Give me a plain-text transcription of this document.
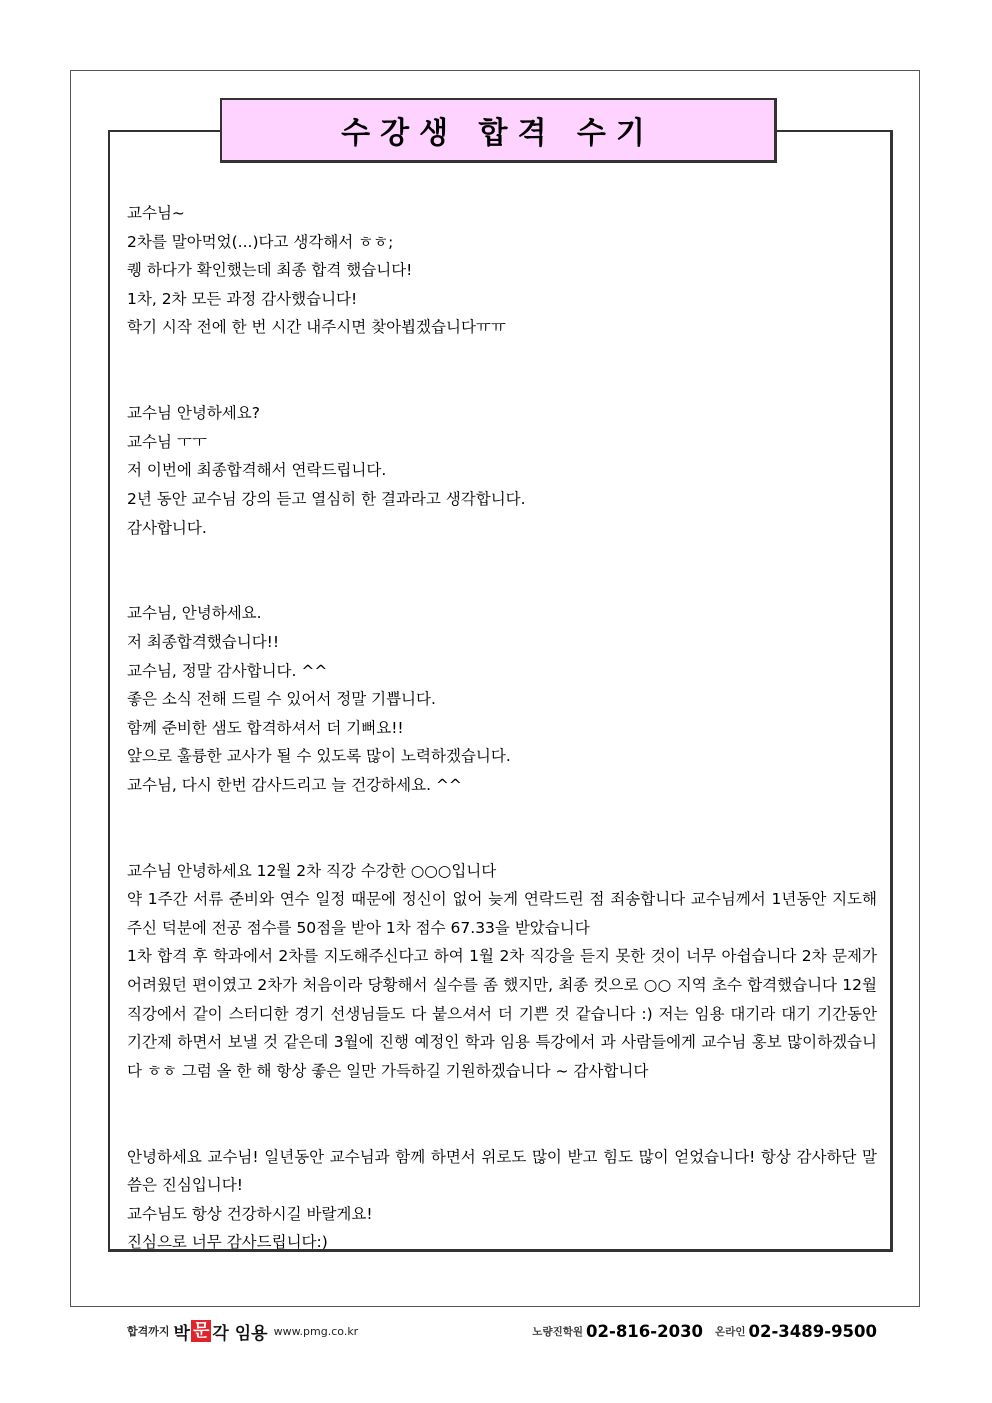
수강생 합격 수기

교수님~

2차를 말아먹었(...)다고 생각해서 ㅎㅎ;

퀭 하다가 확인했는데 최종 합격 했습니다!

1차, 2차 모든 과정 감사했습니다!

학기 시작 전에 한 번 시간 내주시면 찾아뵙겠습니다ㅠㅠ

교수님 안녕하세요?

교수님 ㅜㅜ

저 이번에 최종합격해서 연락드립니다.

2년 동안 교수님 강의 듣고 열심히 한 결과라고 생각합니다.

감사합니다.

교수님, 안녕하세요.

저 최종합격했습니다!!

교수님, 정말 감사합니다. ^^

좋은 소식 전해 드릴 수 있어서 정말 기쁩니다.

함께 준비한 샘도 합격하셔서 더 기뻐요!!

앞으로 훌륭한 교사가 될 수 있도록 많이 노력하겠습니다.

교수님, 다시 한번 감사드리고 늘 건강하세요. ^^

교수님 안녕하세요 12월 2차 직강 수강한 ○○○입니다

약 1주간 서류 준비와 연수 일정 때문에 정신이 없어 늦게 연락드린 점 죄송합니다 교수님께서 1년동안 지도해주신 덕분에 전공 점수를 50점을 받아 1차 점수 67.33을 받았습니다

1차 합격 후 학과에서 2차를 지도해주신다고 하여 1월 2차 직강을 듣지 못한 것이 너무 아쉽습니다 2차 문제가 어려웠던 편이였고 2차가 처음이라 당황해서 실수를 좀 했지만, 최종 컷으로 ○○ 지역 초수 합격했습니다 12월 직강에서 같이 스터디한 경기 선생님들도 다 붙으셔서 더 기쁜 것 같습니다 :) 저는 임용 대기라 대기 기간동안 기간제 하면서 보낼 것 같은데 3월에 진행 예정인 학과 임용 특강에서 과 사람들에게 교수님 홍보 많이하겠습니다 ㅎㅎ 그럼 올 한 해 항상 좋은 일만 가득하길 기원하겠습니다 ~ 감사합니다

안녕하세요 교수님! 일년동안 교수님과 함께 하면서 위로도 많이 받고 힘도 많이 얻었습니다! 항상 감사하단 말씀은 진심입니다!

교수님도 항상 건강하시길 바랄게요!

진심으로 너무 감사드립니다:)

합격까지 박 문 각 임용 www.pmg.co.kr	노량진학원 02-816-2030 온라인 02-3489-9500
